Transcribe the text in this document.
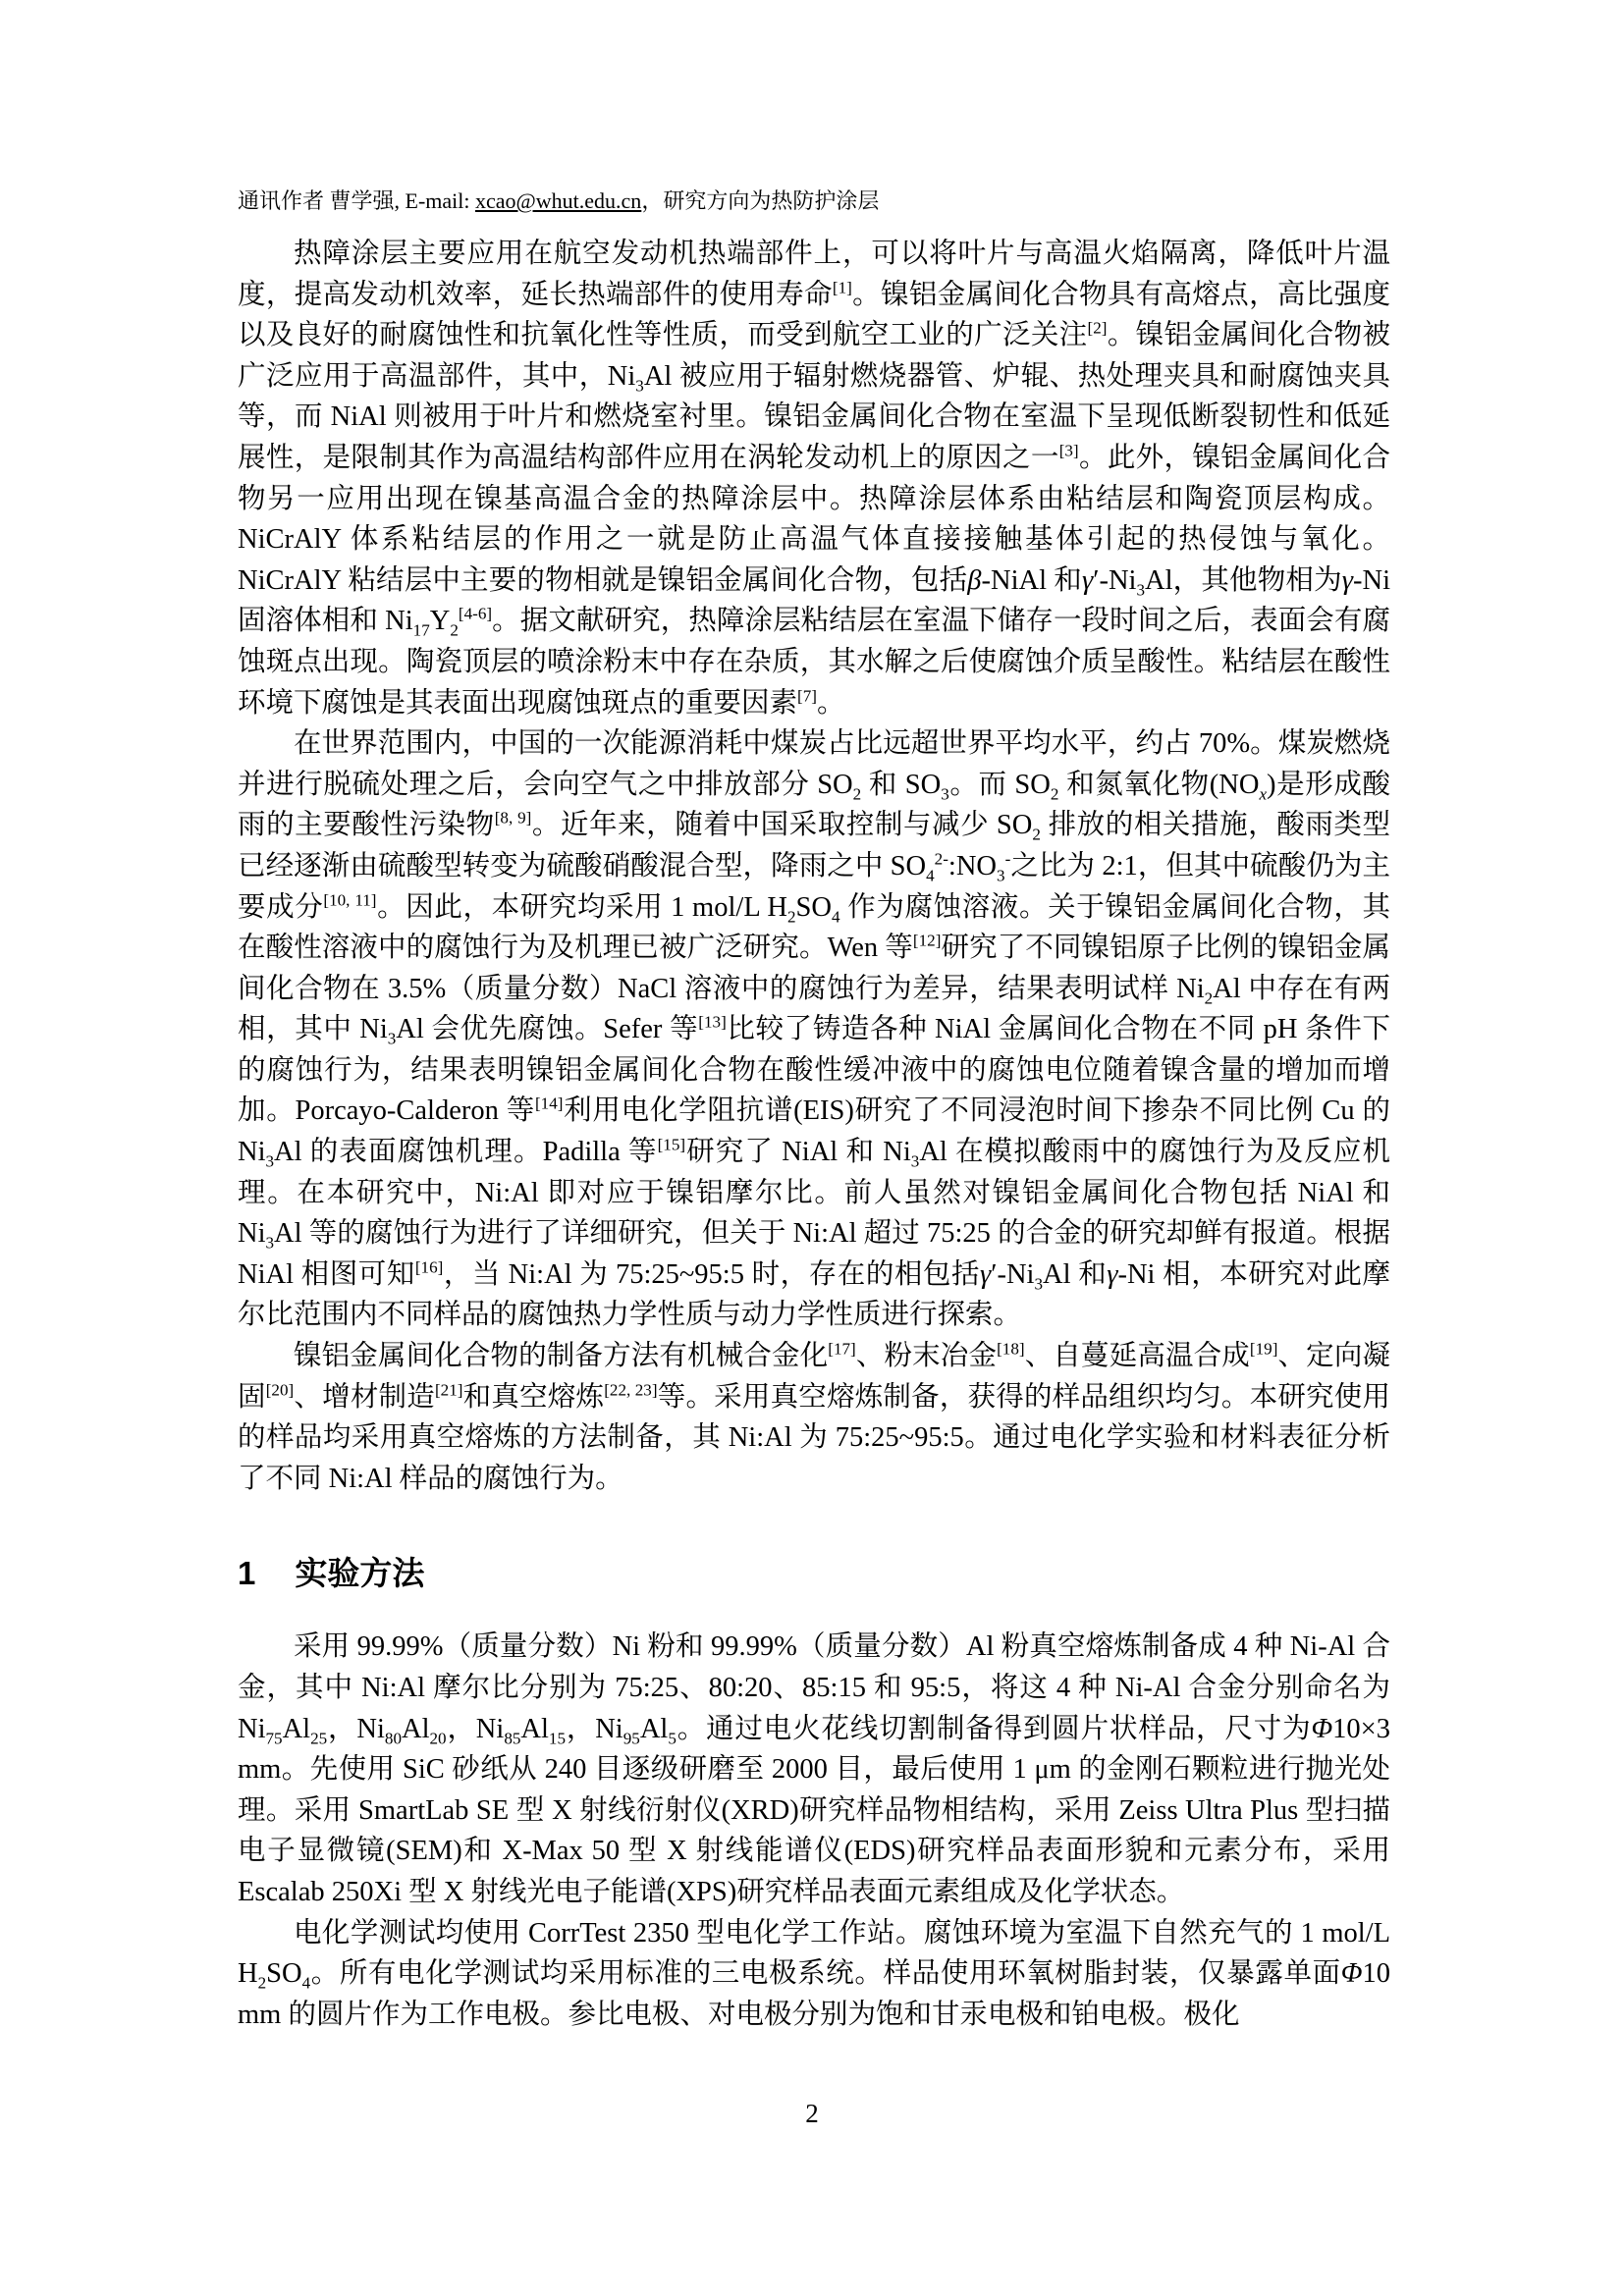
通讯作者 曹学强, E-mail: xcao@whut.edu.cn，研究方向为热防护涂层

热障涂层主要应用在航空发动机热端部件上，可以将叶片与高温火焰隔离，降低叶片温度，提高发动机效率，延长热端部件的使用寿命[1]。镍铝金属间化合物具有高熔点，高比强度以及良好的耐腐蚀性和抗氧化性等性质，而受到航空工业的广泛关注[2]。镍铝金属间化合物被广泛应用于高温部件，其中，$Ni_3Al$ 被应用于辐射燃烧器管、炉辊、热处理夹具和耐腐蚀夹具等，而 NiAl 则被用于叶片和燃烧室衬里。镍铝金属间化合物在室温下呈现低断裂韧性和低延展性，是限制其作为高温结构部件应用在涡轮发动机上的原因之一[3]。此外，镍铝金属间化合物另一应用出现在镍基高温合金的热障涂层中。热障涂层体系由粘结层和陶瓷顶层构成。NiCrAlY 体系粘结层的作用之一就是防止高温气体直接接触基体引起的热侵蚀与氧化。NiCrAlY 粘结层中主要的物相就是镍铝金属间化合物，包括β-NiAl 和$\gamma'-Ni_3Al$，其他物相为γ-Ni 固溶体相和 $Ni_{17}Y_2[4-6]$。据文献研究，热障涂层粘结层在室温下储存一段时间之后，表面会有腐蚀斑点出现。陶瓷顶层的喷涂粉末中存在杂质，其水解之后使腐蚀介质呈酸性。粘结层在酸性环境下腐蚀是其表面出现腐蚀斑点的重要因素[7]。

在世界范围内，中国的一次能源消耗中煤炭占比远超世界平均水平，约占 70%。煤炭燃烧并进行脱硫处理之后，会向空气之中排放部分 $SO_2$ 和 $SO_3$。而 $SO_2$ 和氮氧化物$(NO_x)$是形成酸雨的主要酸性污染物[8, 9]。近年来，随着中国采取控制与减少 $SO_2$ 排放的相关措施，酸雨类型已经逐渐由硫酸型转变为硫酸硝酸混合型，降雨之中 $SO_4^{2-}:NO_3^-$之比为 2:1，但其中硫酸仍为主要成分[10, 11]。因此，本研究均采用 1 mol/L $H_2SO_4$ 作为腐蚀溶液。关于镍铝金属间化合物，其在酸性溶液中的腐蚀行为及机理已被广泛研究。Wen 等[12]研究了不同镍铝原子比例的镍铝金属间化合物在 3.5%（质量分数）NaCl 溶液中的腐蚀行为差异，结果表明试样 $Ni_2Al$ 中存在有两相，其中 $Ni_3Al$ 会优先腐蚀。Sefer 等[13]比较了铸造各种 NiAl 金属间化合物在不同 pH 条件下的腐蚀行为，结果表明镍铝金属间化合物在酸性缓冲液中的腐蚀电位随着镍含量的增加而增加。Porcayo-Calderon 等[14]利用电化学阻抗谱(EIS)研究了不同浸泡时间下掺杂不同比例 Cu 的 $Ni_3Al$ 的表面腐蚀机理。Padilla 等[15]研究了 NiAl 和 $Ni_3Al$ 在模拟酸雨中的腐蚀行为及反应机理。在本研究中，Ni:Al 即对应于镍铝摩尔比。前人虽然对镍铝金属间化合物包括 NiAl 和 $Ni_3Al$ 等的腐蚀行为进行了详细研究，但关于 Ni:Al 超过 75:25 的合金的研究却鲜有报道。根据 NiAl 相图可知[16]，当 Ni:Al 为 75:25~95:5 时，存在的相包括$\gamma'-Ni_3Al$ 和γ-Ni 相，本研究对此摩尔比范围内不同样品的腐蚀热力学性质与动力学性质进行探索。

镍铝金属间化合物的制备方法有机械合金化[17]、粉末冶金[18]、自蔓延高温合成[19]、定向凝固[20]、增材制造[21]和真空熔炼[22, 23]等。采用真空熔炼制备，获得的样品组织均匀。本研究使用的样品均采用真空熔炼的方法制备，其 Ni:Al 为 75:25~95:5。通过电化学实验和材料表征分析了不同 Ni:Al 样品的腐蚀行为。

1 实验方法

采用 99.99%（质量分数）Ni 粉和 99.99%（质量分数）Al 粉真空熔炼制备成 4 种 Ni-Al 合金，其中 Ni:Al 摩尔比分别为 75:25、80:20、85:15 和 95:5，将这 4 种 Ni-Al 合金分别命名为 $Ni_{75}Al_{25}$，$Ni_{80}Al_{20}$，$Ni_{85}Al_{15}$，$Ni_{95}Al_5$。通过电火花线切割制备得到圆片状样品，尺寸为Φ10×3 mm。先使用 SiC 砂纸从 240 目逐级研磨至 2000 目，最后使用 1 μm 的金刚石颗粒进行抛光处理。采用 SmartLab SE 型 X 射线衍射仪(XRD)研究样品物相结构，采用 Zeiss Ultra Plus 型扫描电子显微镜(SEM)和 X-Max 50 型 X 射线能谱仪(EDS)研究样品表面形貌和元素分布，采用 Escalab 250Xi 型 X 射线光电子能谱(XPS)研究样品表面元素组成及化学状态。

电化学测试均使用 CorrTest 2350 型电化学工作站。腐蚀环境为室温下自然充气的 1 mol/L $H_2SO_4$。所有电化学测试均采用标准的三电极系统。样品使用环氧树脂封装，仅暴露单面Φ10 mm 的圆片作为工作电极。参比电极、对电极分别为饱和甘汞电极和铂电极。极化

2
